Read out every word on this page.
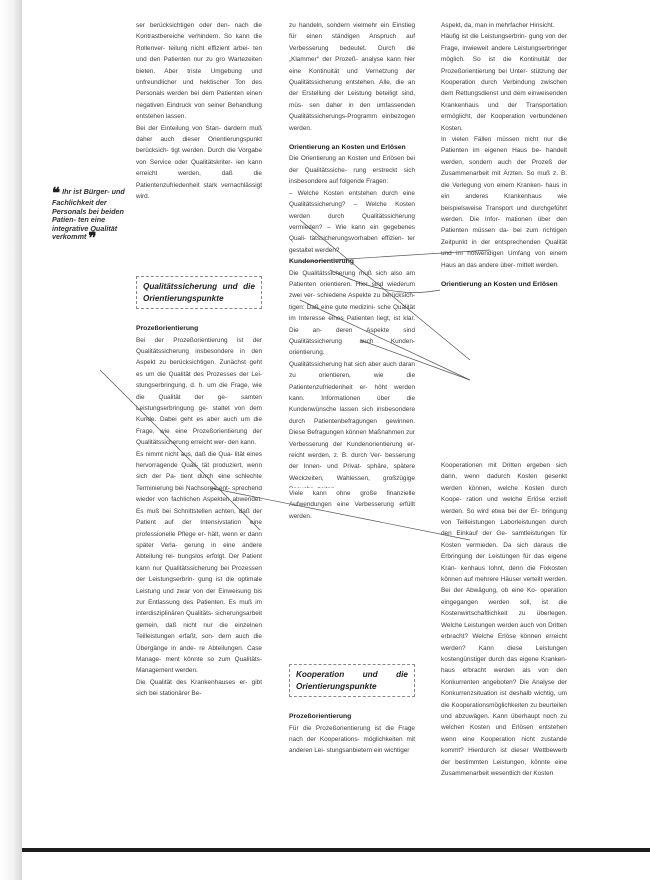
❝ Ihr ist Bürger- und Fachlichkeit der Personals bei beiden Patien- ten eine integrative Qualität verkommt ❞

ser berücksichtigen oder den- nach die Kontrastbereiche verhindern. So kann die Rollenver- teilung nicht effizient arbei- ten und den Patienten nur zu gro Wartezeiten bieten. Aber triste Umgebung und unfreundlicher und hektischer Ton des Personals werden bei dem Patienten einen negativen Eindruck von seiner Behandlung entstehen lassen.

Bei der Einteilung von Stan- dardern muß daher auch dieser Orientierungspunkt berücksich- tigt werden. Durch die Vorgabe von Service oder Qualitätskriter- ien kann erreicht werden, daß die Patientenzufriedenheit stark vernachlässigt wird.

Qualitätssicherung und die Orientierungspunkte
Prozeßorientierung

Bei der Prozeßorientierung ist der Qualitätssicherung insbesondere in den Aspekt zu berücksichtigen. Zunächst geht es um die Qualität des Prozesses der Lei- stungserbringung, d. h. um die Frage, wie die Qualität der ge- samten Leistungserbringung ge- staltet von dem Kunde. Dabei geht es aber auch um die Frage, wie eine Prozeßorientierung der Qualitätssicherung erreicht wer- den kann.

Es nimmt nicht aus, daß die Qua- lität eines hervorragende Quali- tät produziert, wenn sich der Pa- tient durch eine schlechte Terminierung bei Nachsorge ent- sprechend wieder von fachlichen Aspekten abwendet. Es muß bei Schnittstellen achten, daß der Patient auf der Intensivstation eine professionelle Pflege er- hält, wenn er dann später Verla- gerung in eine andere Abteilung rei- bungslos erfolgt. Der Patient kann nur Qualitätssicherung bei Prozessen der Leistungserbrin- gung ist die optimale Leistung und zwar von der Einweisung bis zur Entlassung des Patienten. Es muß im interdisziplinären Qualitäts- sicherungsarbeit gemein, daß nicht nur die einzelnen Teilleistungen erfaßt, son- dern auch die Übergänge in ande- re Abteilungen. Case Manage- ment könnte so zum Qualitäts- Management werden.

Die Qualität des Krankenhauses er- gibt sich bei stationärer Be-

zu handeln, sondern vielmehr ein Einstieg für einen ständigen Anspruch auf Verbesserung bedeutet. Durch die „Klammer“ der Prozeß- analyse kann hier eine Kontinuität und Vernetzung der Qualitätssicherung entstehen. Alle, die an der Erstellung der Leistung beteiligt sind, müs- sen daher in den umfassenden Qualitätssicherungs-Programm einbezogen werden.

Orientierung an Kosten und Erlösen

Die Orientierung an Kosten und Erlösen bei der Qualitätssiche- rung erstreckt sich insbesondere auf folgende Fragen:

– Welche Kosten entstehen durch eine Qualitätssicherung? – Welche Kosten werden durch Qualitätssicherung vermieden? – Wie kann ein gegebenes Quali- tätssicherungsvorhaben effizien- ter gestaltet werden?

Kundenorientierung

Die Qualitätssicherung muß sich also am Patienten orientieren. Hier sind wiederum zwei ver- schiedene Aspekte zu berücksich- tigen: Daß eine gute medizini- sche Qualität im Interesse eines Patienten liegt, ist klar. Die an- deren Aspekte sind Qualitätssicherung auch Kunden- orientierung.

Qualitätssicherung hat sich aber auch daran zu orientieren, wie die Patientenzufriedenheit er- höht werden kann. Informationen über die Kundenwünsche lassen sich insbesondere durch Patientenbefragungen gewinnen. Diese Befragungen können Maßnahmen zur Verbesserung der Kundenorientierung er- reicht werden, z. B. durch Ver- besserung der Innen- und Privat- sphäre, spätere Weckzeiten, Wahlessen, großzügige

Viele kann ohne große finanzielle Aufwendungen eine Verbesserung erfüllt werden.

Kooperation und die Orientierungspunkte
Prozeßorientierung

Für die Prozeßorientierung ist die Frage nach der Kooperations- möglichkeiten mit anderen Lei- stungsanbietern ein wichtiger

Aspekt, da, man in mehrfacher Hinsicht.

Häufig ist die Leistungserbrin- gung von der Frage, inwieweit andere Leistungserbringer möglich. So ist die Kontinuität der Prozeßorientierung bei Unter- stützung der Kooperation durch Verbindung zwischen dem Rettungsdienst und dem einweisenden Krankenhaus und der Transportation ermöglicht, der Kooperation verbundenen Kosten.

In vielen Fällen müssen nicht nur die Patienten im eigenen Haus be- handelt werden, sondern auch der Prozeß der Zusammenarbeit mit Ärzten. So muß z. B. die Verlegung von einem Kranken- haus in ein anderes Krankenhaus wie beispielsweise Transport und durchgeführt werden. Die Infor- mationen über den Patienten müssen da- bei zum richtigen Zeitpunkt in der entsprechenden Qualität und im notwendigen Umfang von einem Haus an das andere über- mittelt werden.

Orientierung an Kosten und Erlösen

Kooperationen mit Dritten ergeben sich dann, wenn dadurch Kosten gesenkt werden können, welche Kosten durch Koope- ration und welche Erlöse erzielt werden. So wird etwa bei der Er- bringung von Teilleistungen Laborleistungen durch den Einkauf der Ge- samtleistungen für Kosten vermieden. Da sich daraus die Erbringung der Leistungen für das eigene Kran- kenhaus lohnt, denn die Fixkosten können auf mehrere Häuser verteilt werden. Bei der Abwägung, ob eine Ko- operation eingegangen werden soll, ist die Kostenwirtschaftlichkeit zu überlegen. Welche Leistungen werden auch von Dritten erbracht? Welche Erlöse können erreicht werden? Kann diese Leistungen kostengünstiger durch das eigene Kranken- haus erbracht werden als von den Konkurrenten angeboten? Die Analyse der Konkurrenzsituation ist deshalb wichtig, um die Kooperationsmöglichkeiten zu beurteilen und abzuwägen. Kann überhaupt noch zu welchen Kosten und Erlösen entstehen wenn eine Kooperation nicht zustande kommt? Hierdurch ist dieser Wettbewerb der bestimmten Leistungen, könnte eine Zusammenarbeit wesentlich der Kosten
